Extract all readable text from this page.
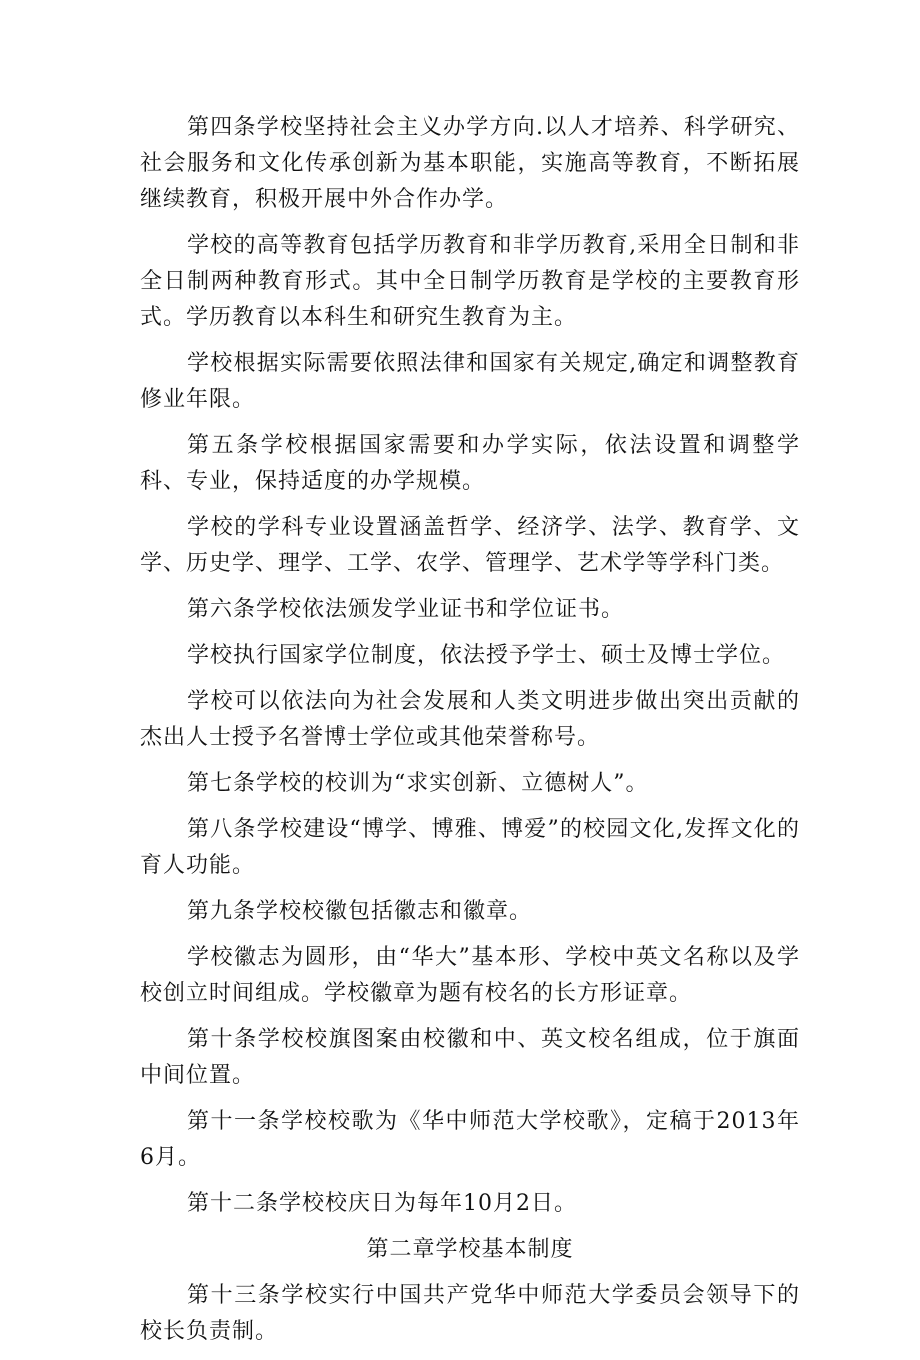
第四条学校坚持社会主义办学方向.以人才培养、科学研究、社会服务和文化传承创新为基本职能，实施高等教育，不断拓展继续教育，积极开展中外合作办学。

学校的高等教育包括学历教育和非学历教育,采用全日制和非全日制两种教育形式。其中全日制学历教育是学校的主要教育形式。学历教育以本科生和研究生教育为主。

学校根据实际需要依照法律和国家有关规定,确定和调整教育修业年限。

第五条学校根据国家需要和办学实际，依法设置和调整学科、专业，保持适度的办学规模。

学校的学科专业设置涵盖哲学、经济学、法学、教育学、文学、历史学、理学、工学、农学、管理学、艺术学等学科门类。

第六条学校依法颁发学业证书和学位证书。

学校执行国家学位制度，依法授予学士、硕士及博士学位。

学校可以依法向为社会发展和人类文明进步做出突出贡献的杰出人士授予名誉博士学位或其他荣誉称号。

第七条学校的校训为“求实创新、立德树人”。

第八条学校建设“博学、博雅、博爱”的校园文化,发挥文化的育人功能。

第九条学校校徽包括徽志和徽章。

学校徽志为圆形，由“华大”基本形、学校中英文名称以及学校创立时间组成。学校徽章为题有校名的长方形证章。

第十条学校校旗图案由校徽和中、英文校名组成，位于旗面中间位置。

第十一条学校校歌为《华中师范大学校歌》，定稿于2013年6月。

第十二条学校校庆日为每年10月2日。

第二章学校基本制度

第十三条学校实行中国共产党华中师范大学委员会领导下的校长负责制。
